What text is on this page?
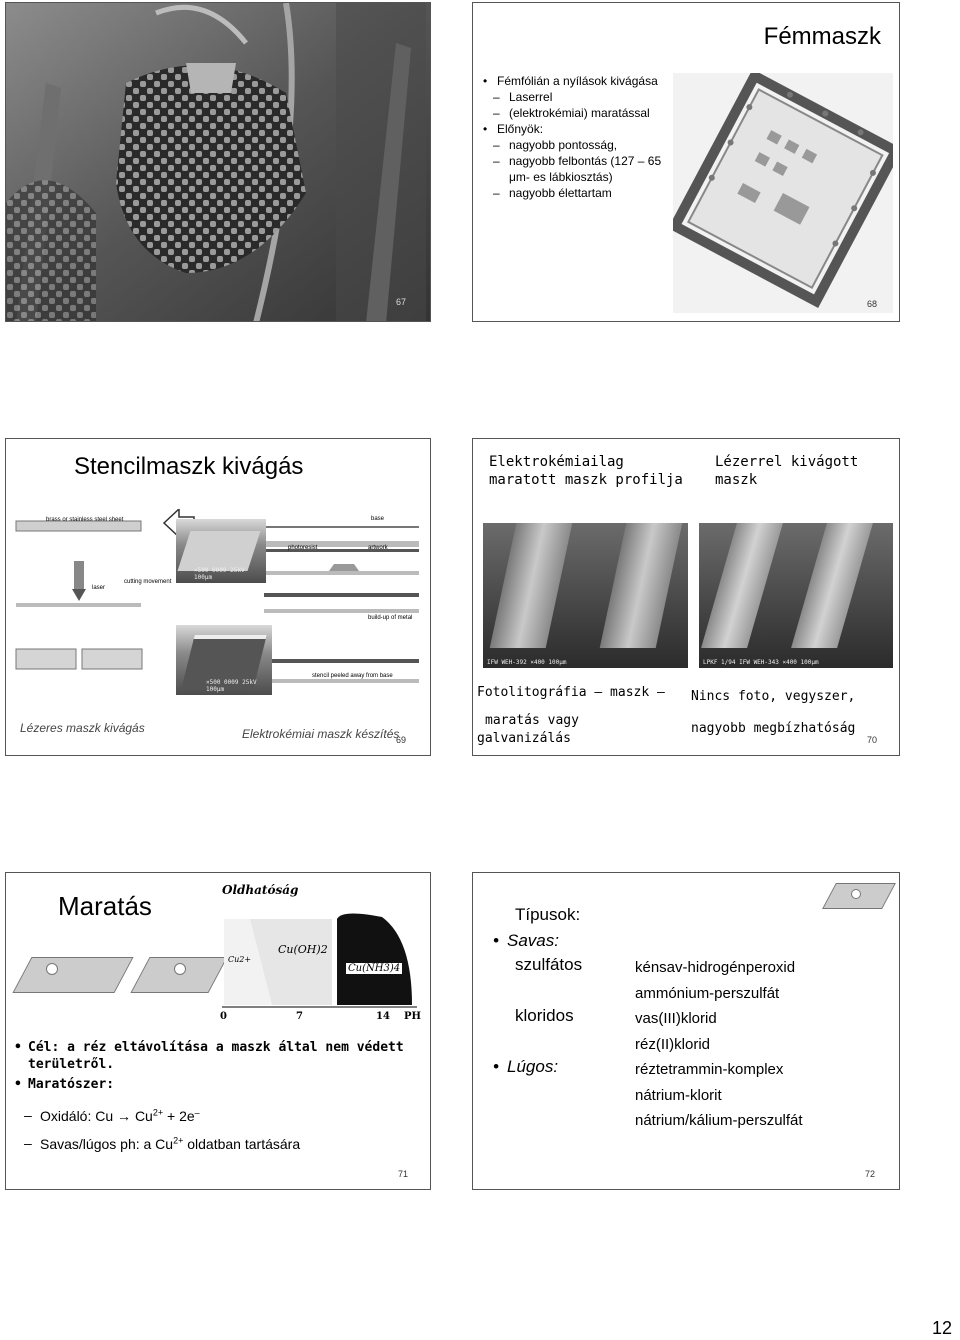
67
Fémmaszk
• Fémfólián a nyílások kivágása
– Laserrel
– (elektrokémiai) maratással
• Előnyök:
– nagyobb pontosság,
– nagyobb felbontás (127 – 65 μm- es lábkiosztás)
– nagyobb élettartam
68
Stencilmaszk kivágás
×500 0009 25kV 100μm
×500 0009 25kV 100μm
brass or stainless steel sheet
laser
cutting movement
base
photoresist	artwork
build-up of metal
stencil peeled away from base
Lézeres maszk kivágás	Elektrokémiai maszk készítés
69
Elektrokémiailag maratott maszk profilja
Lézerrel kivágott maszk
IFW WEH-392 ×400 100μm	LPKF 1/94 IFW WEH-343 ×400 100μm
Fotolitográfia – maszk –
maratás vagy
galvanizálás
Nincs foto, vegyszer,
nagyobb megbízhatóság
70
Maratás
Oldhatóság
Cu2+
Cu(OH)2
Cu(NH3)4
0	7	14 PH
• Cél: a réz eltávolítása a maszk által nem védett területről.
• Maratószer:
– Oxidáló: $Cu \to Cu^{2+} + 2e^-$
– Savas/lúgos ph: a $Cu^{2+}$ oldatban tartására
71
Típusok:
• Savas:
szulfátos
kloridos
• Lúgos:
kénsav-hidrogénperoxid
ammónium-perszulfát
vas(III)klorid
réz(II)klorid
réztetrammin-komplex
nátrium-klorit
nátrium/kálium-perszulfát
72
12
